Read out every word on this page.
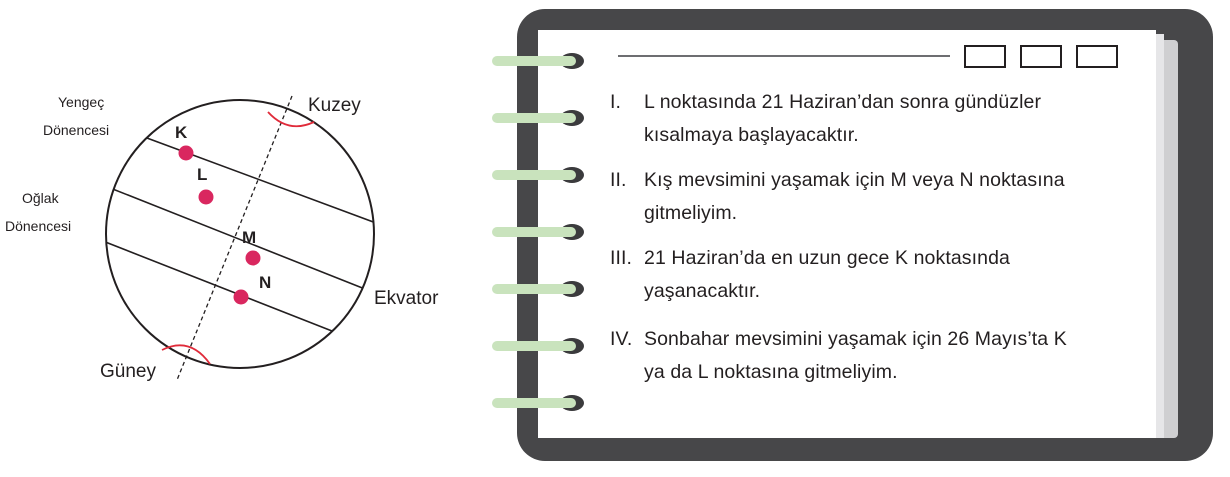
K
L
M
N
Yengeç
Dönencesi
Oğlak
Dönencesi
Kuzey
Güney
Ekvator
I. L noktasında 21 Haziran’dan sonra gündüzler
kısalmaya başlayacaktır.
II. Kış mevsimini yaşamak için M veya N noktasına
gitmeliyim.
III. 21 Haziran’da en uzun gece K noktasında
yaşanacaktır.
IV. Sonbahar mevsimini yaşamak için 26 Mayıs’ta K
ya da L noktasına gitmeliyim.
